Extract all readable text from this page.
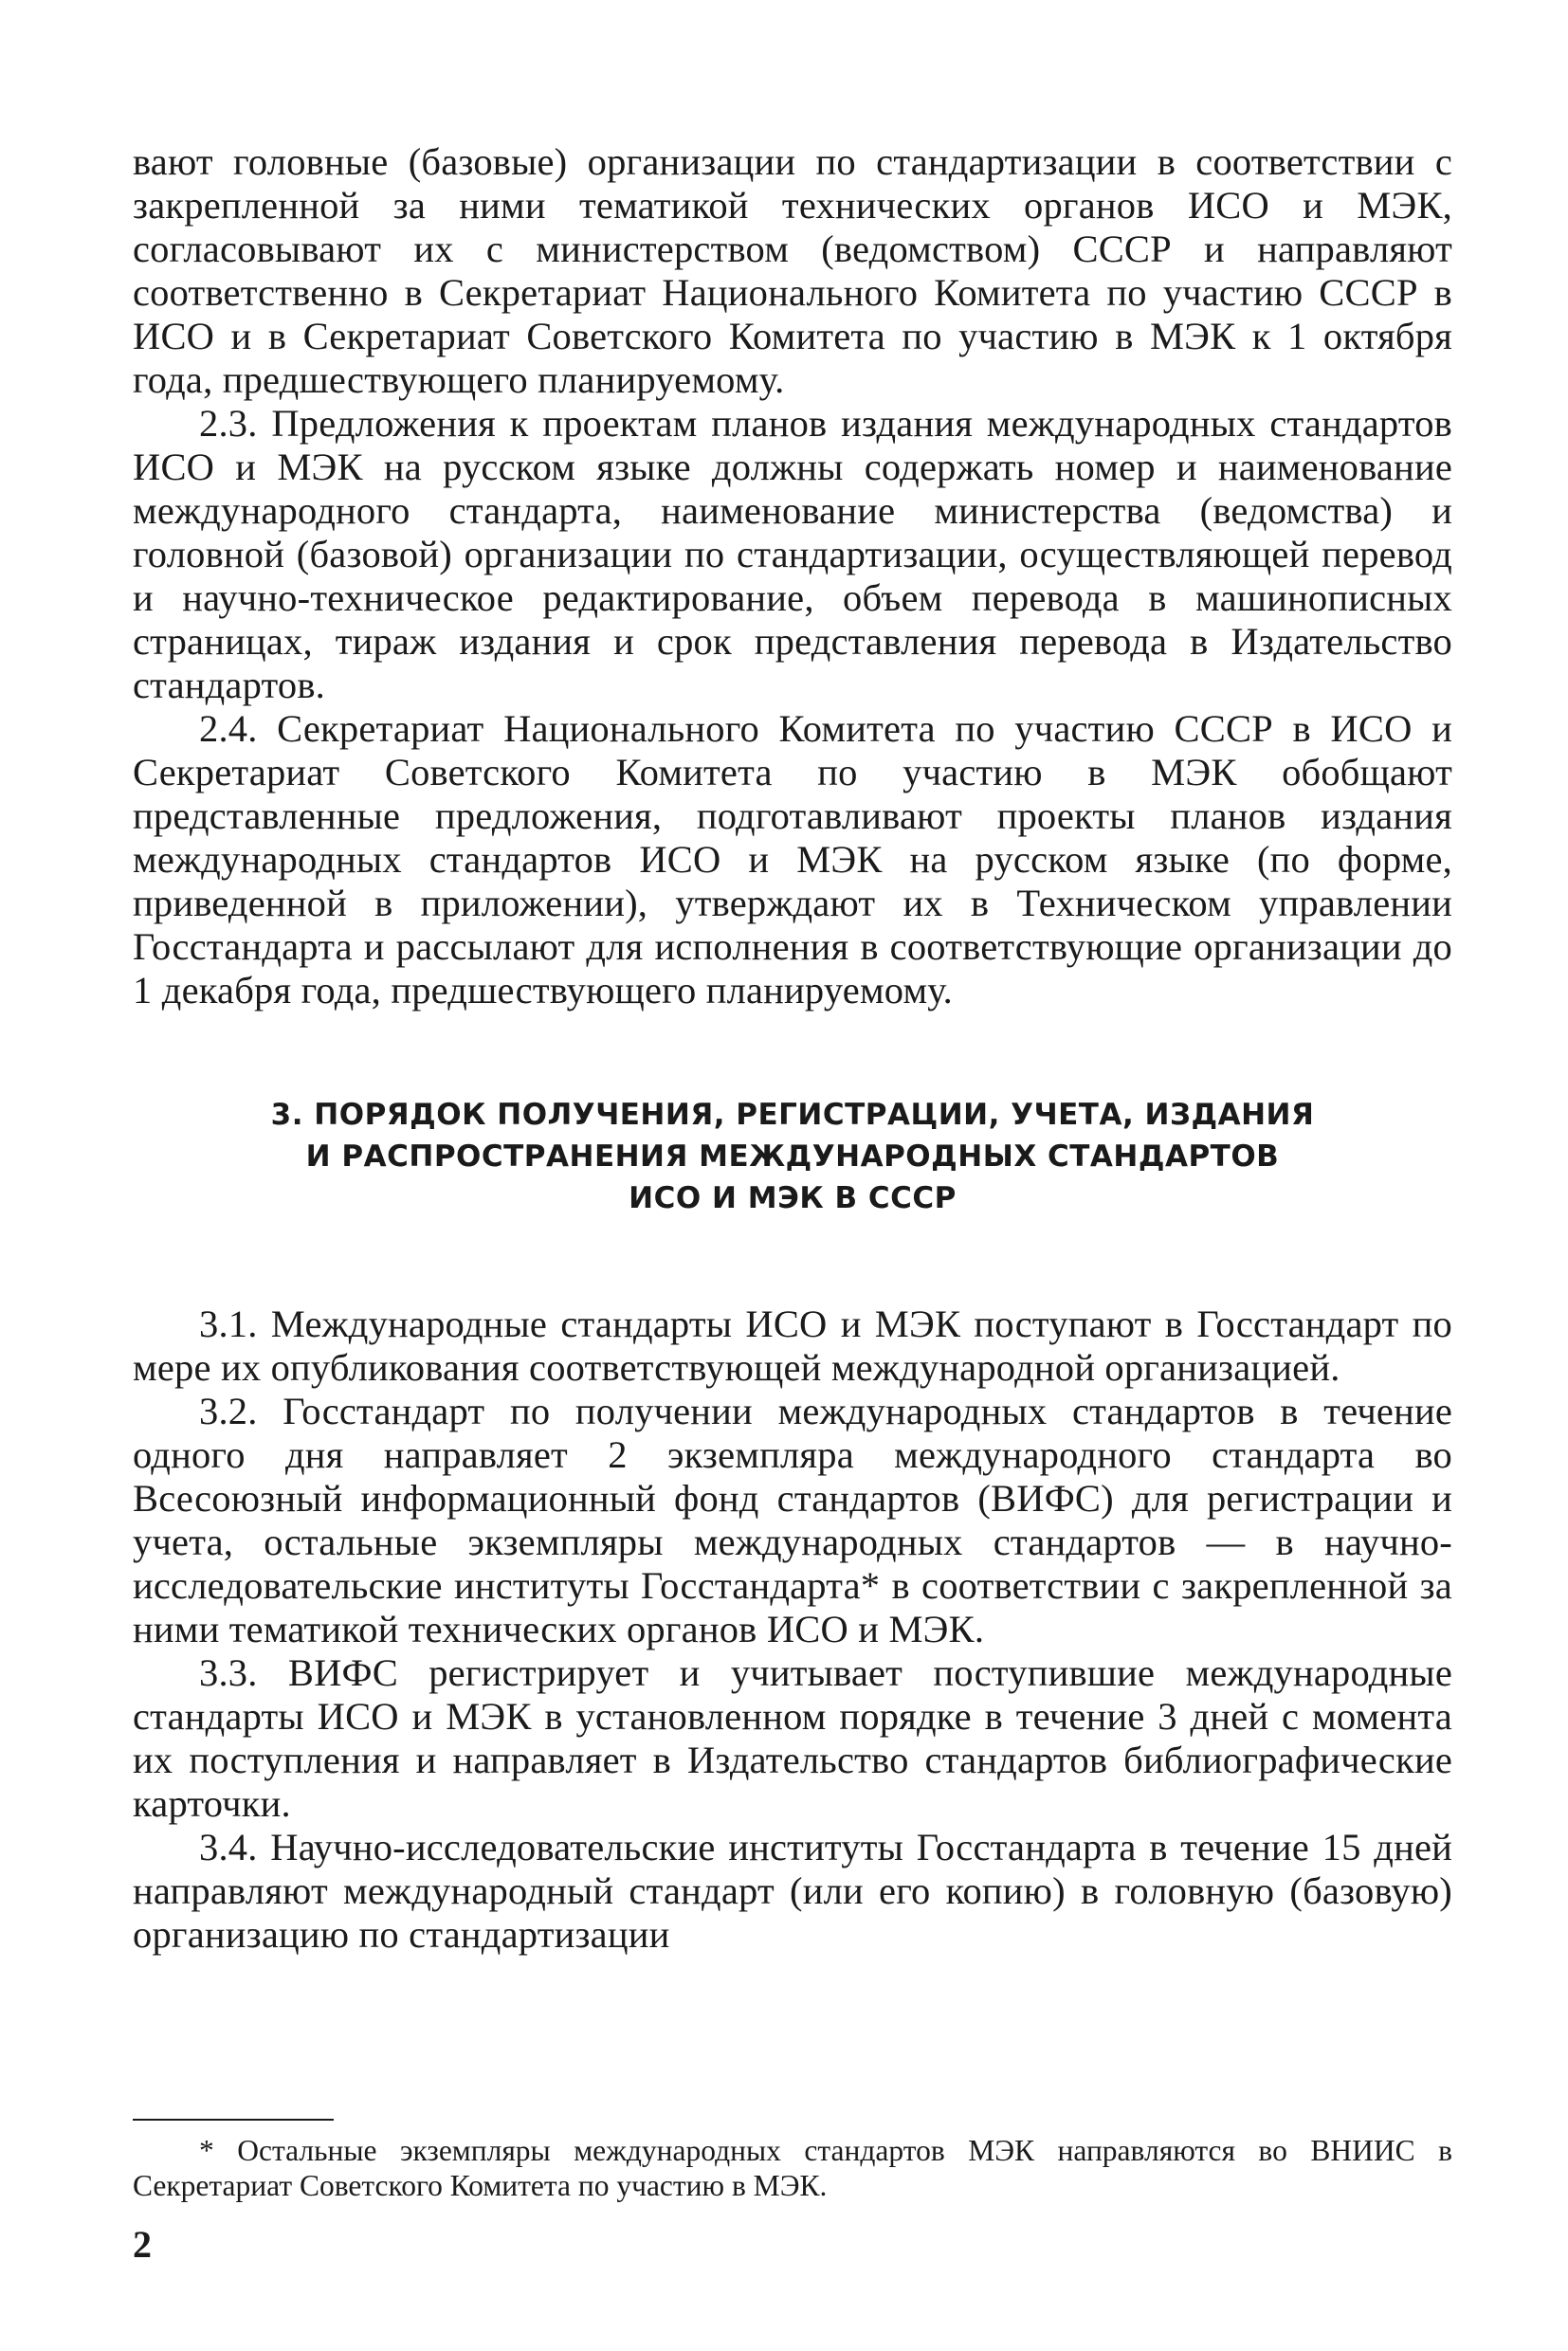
вают головные (базовые) организации по стандартизации в соответствии с закрепленной за ними тематикой технических органов ИСО и МЭК, согласовывают их с министерством (ведомством) СССР и направляют соответственно в Секретариат Национального Комитета по участию СССР в ИСО и в Секретариат Советского Комитета по участию в МЭК к 1 октября года, предшествующего планируемому.

2.3. Предложения к проектам планов издания международных стандартов ИСО и МЭК на русском языке должны содержать номер и наименование международного стандарта, наименование министерства (ведомства) и головной (базовой) организации по стандартизации, осуществляющей перевод и научно-техническое редактирование, объем перевода в машинописных страницах, тираж издания и срок представления перевода в Издательство стандартов.

2.4. Секретариат Национального Комитета по участию СССР в ИСО и Секретариат Советского Комитета по участию в МЭК обобщают представленные предложения, подготавливают проекты планов издания международных стандартов ИСО и МЭК на русском языке (по форме, приведенной в приложении), утверждают их в Техническом управлении Госстандарта и рассылают для исполнения в соответствующие организации до 1 декабря года, предшествующего планируемому.

3. ПОРЯДОК ПОЛУЧЕНИЯ, РЕГИСТРАЦИИ, УЧЕТА, ИЗДАНИЯ
И РАСПРОСТРАНЕНИЯ МЕЖДУНАРОДНЫХ СТАНДАРТОВ
ИСО И МЭК В СССР

3.1. Международные стандарты ИСО и МЭК поступают в Госстандарт по мере их опубликования соответствующей международной организацией.

3.2. Госстандарт по получении международных стандартов в течение одного дня направляет 2 экземпляра международного стандарта во Всесоюзный информационный фонд стандартов (ВИФС) для регистрации и учета, остальные экземпляры международных стандартов — в научно-исследовательские институты Госстандарта* в соответствии с закрепленной за ними тематикой технических органов ИСО и МЭК.

3.3. ВИФС регистрирует и учитывает поступившие международные стандарты ИСО и МЭК в установленном порядке в течение 3 дней с момента их поступления и направляет в Издательство стандартов библиографические карточки.

3.4. Научно-исследовательские институты Госстандарта в течение 15 дней направляют международный стандарт (или его копию) в головную (базовую) организацию по стандартизации

* Остальные экземпляры международных стандартов МЭК направляются во ВНИИС в Секретариат Советского Комитета по участию в МЭК.

2
